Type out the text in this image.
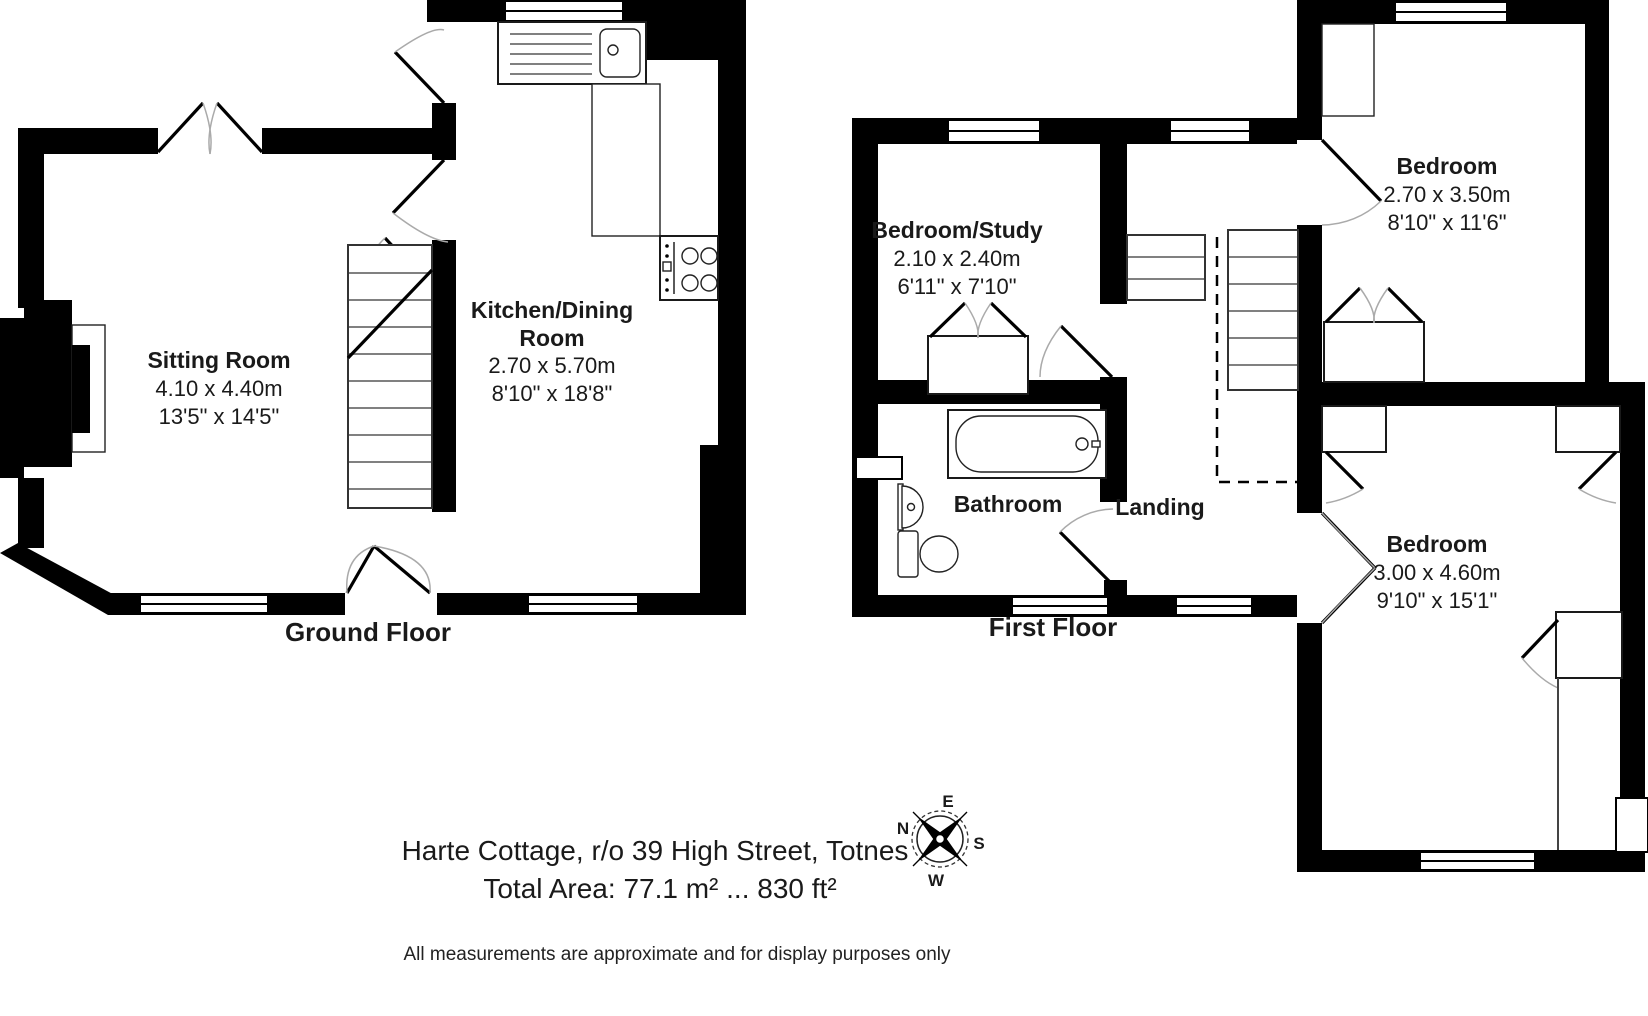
Sitting Room
4.10 x 4.40m
13'5" x 14'5"
Kitchen/Dining
Room
2.70 x 5.70m
8'10" x 18'8"
Ground Floor
Bedroom/Study
2.10 x 2.40m
6'11" x 7'10"
Bedroom
2.70 x 3.50m
8'10" x 11'6"
Bathroom Landing
Bedroom
3.00 x 4.60m
9'10" x 15'1"
First Floor
N
E
S
W
Harte Cottage, r/o 39 High Street, Totnes
Total Area: 77.1 m² ... 830 ft²
All measurements are approximate and for display purposes only
